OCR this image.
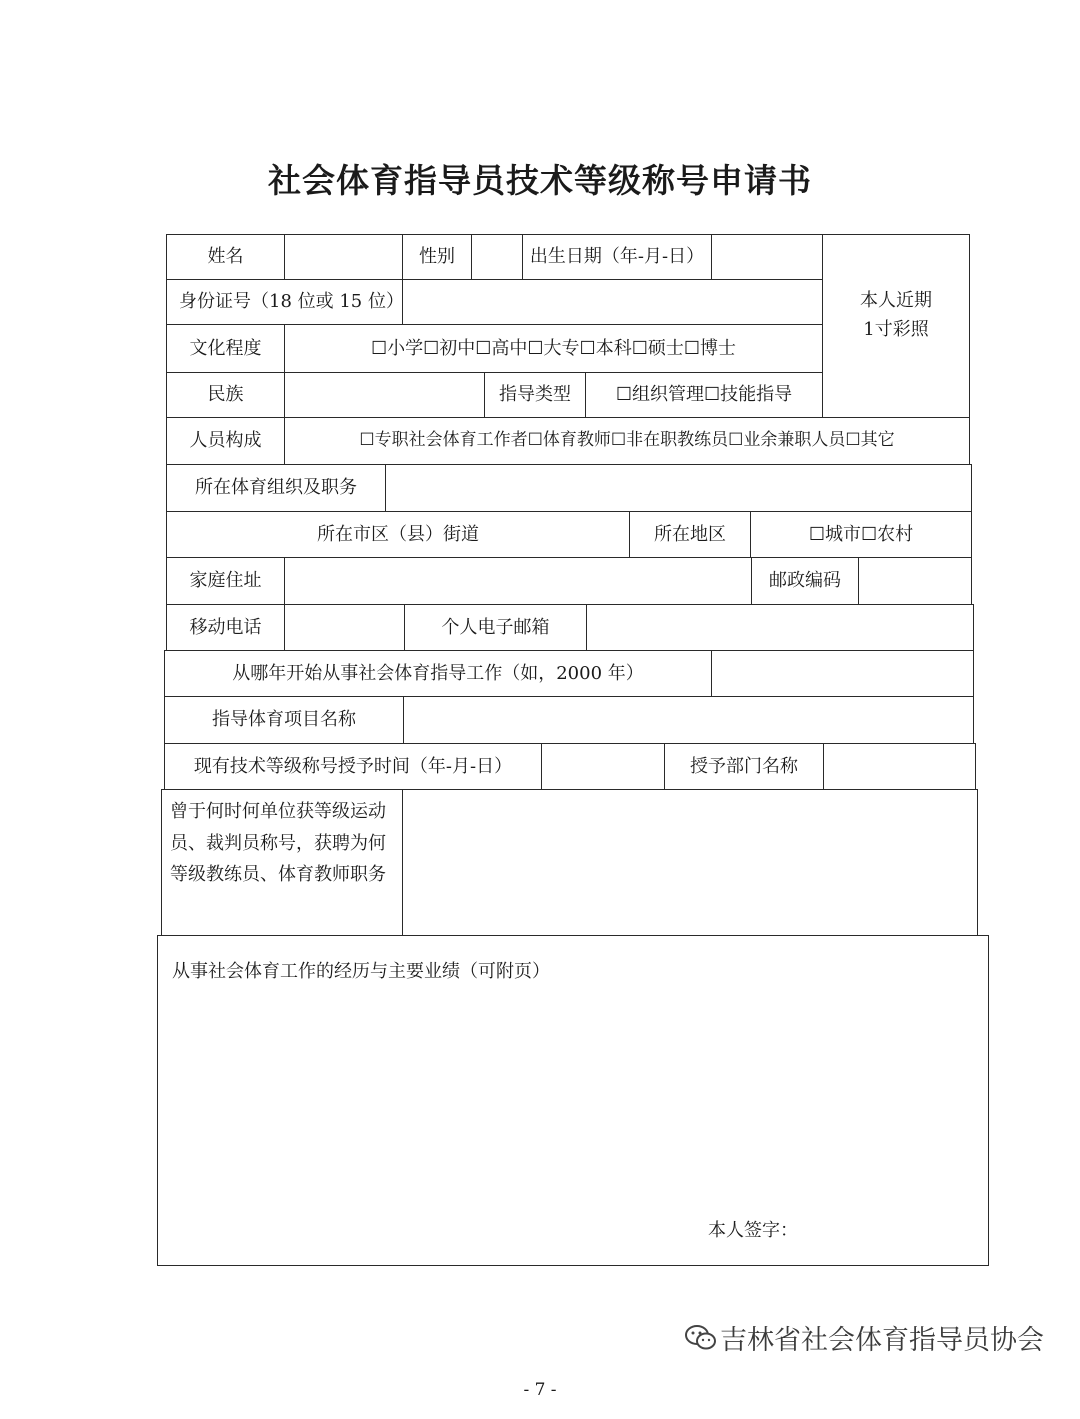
社会体育指导员技术等级称号申请书
姓名	性别	出生日期（年-月-日）
本人近期
1寸彩照
身份证号（18 位或 15 位）
文化程度	☐小学☐初中☐高中☐大专☐本科☐硕士☐博士
民族	指导类型	☐组织管理☐技能指导
人员构成	☐专职社会体育工作者☐体育教师☐非在职教练员☐业余兼职人员☐其它
所在体育组织及职务
所在市区（县）街道	所在地区	☐城市☐农村
家庭住址	邮政编码
移动电话	个人电子邮箱
从哪年开始从事社会体育指导工作（如，2000 年）
指导体育项目名称
现有技术等级称号授予时间（年-月-日）	授予部门名称
曾于何时何单位获等级运动员、裁判员称号，获聘为何等级教练员、体育教师职务
从事社会体育工作的经历与主要业绩（可附页）
本人签字：
吉林省社会体育指导员协会
- 7 -
